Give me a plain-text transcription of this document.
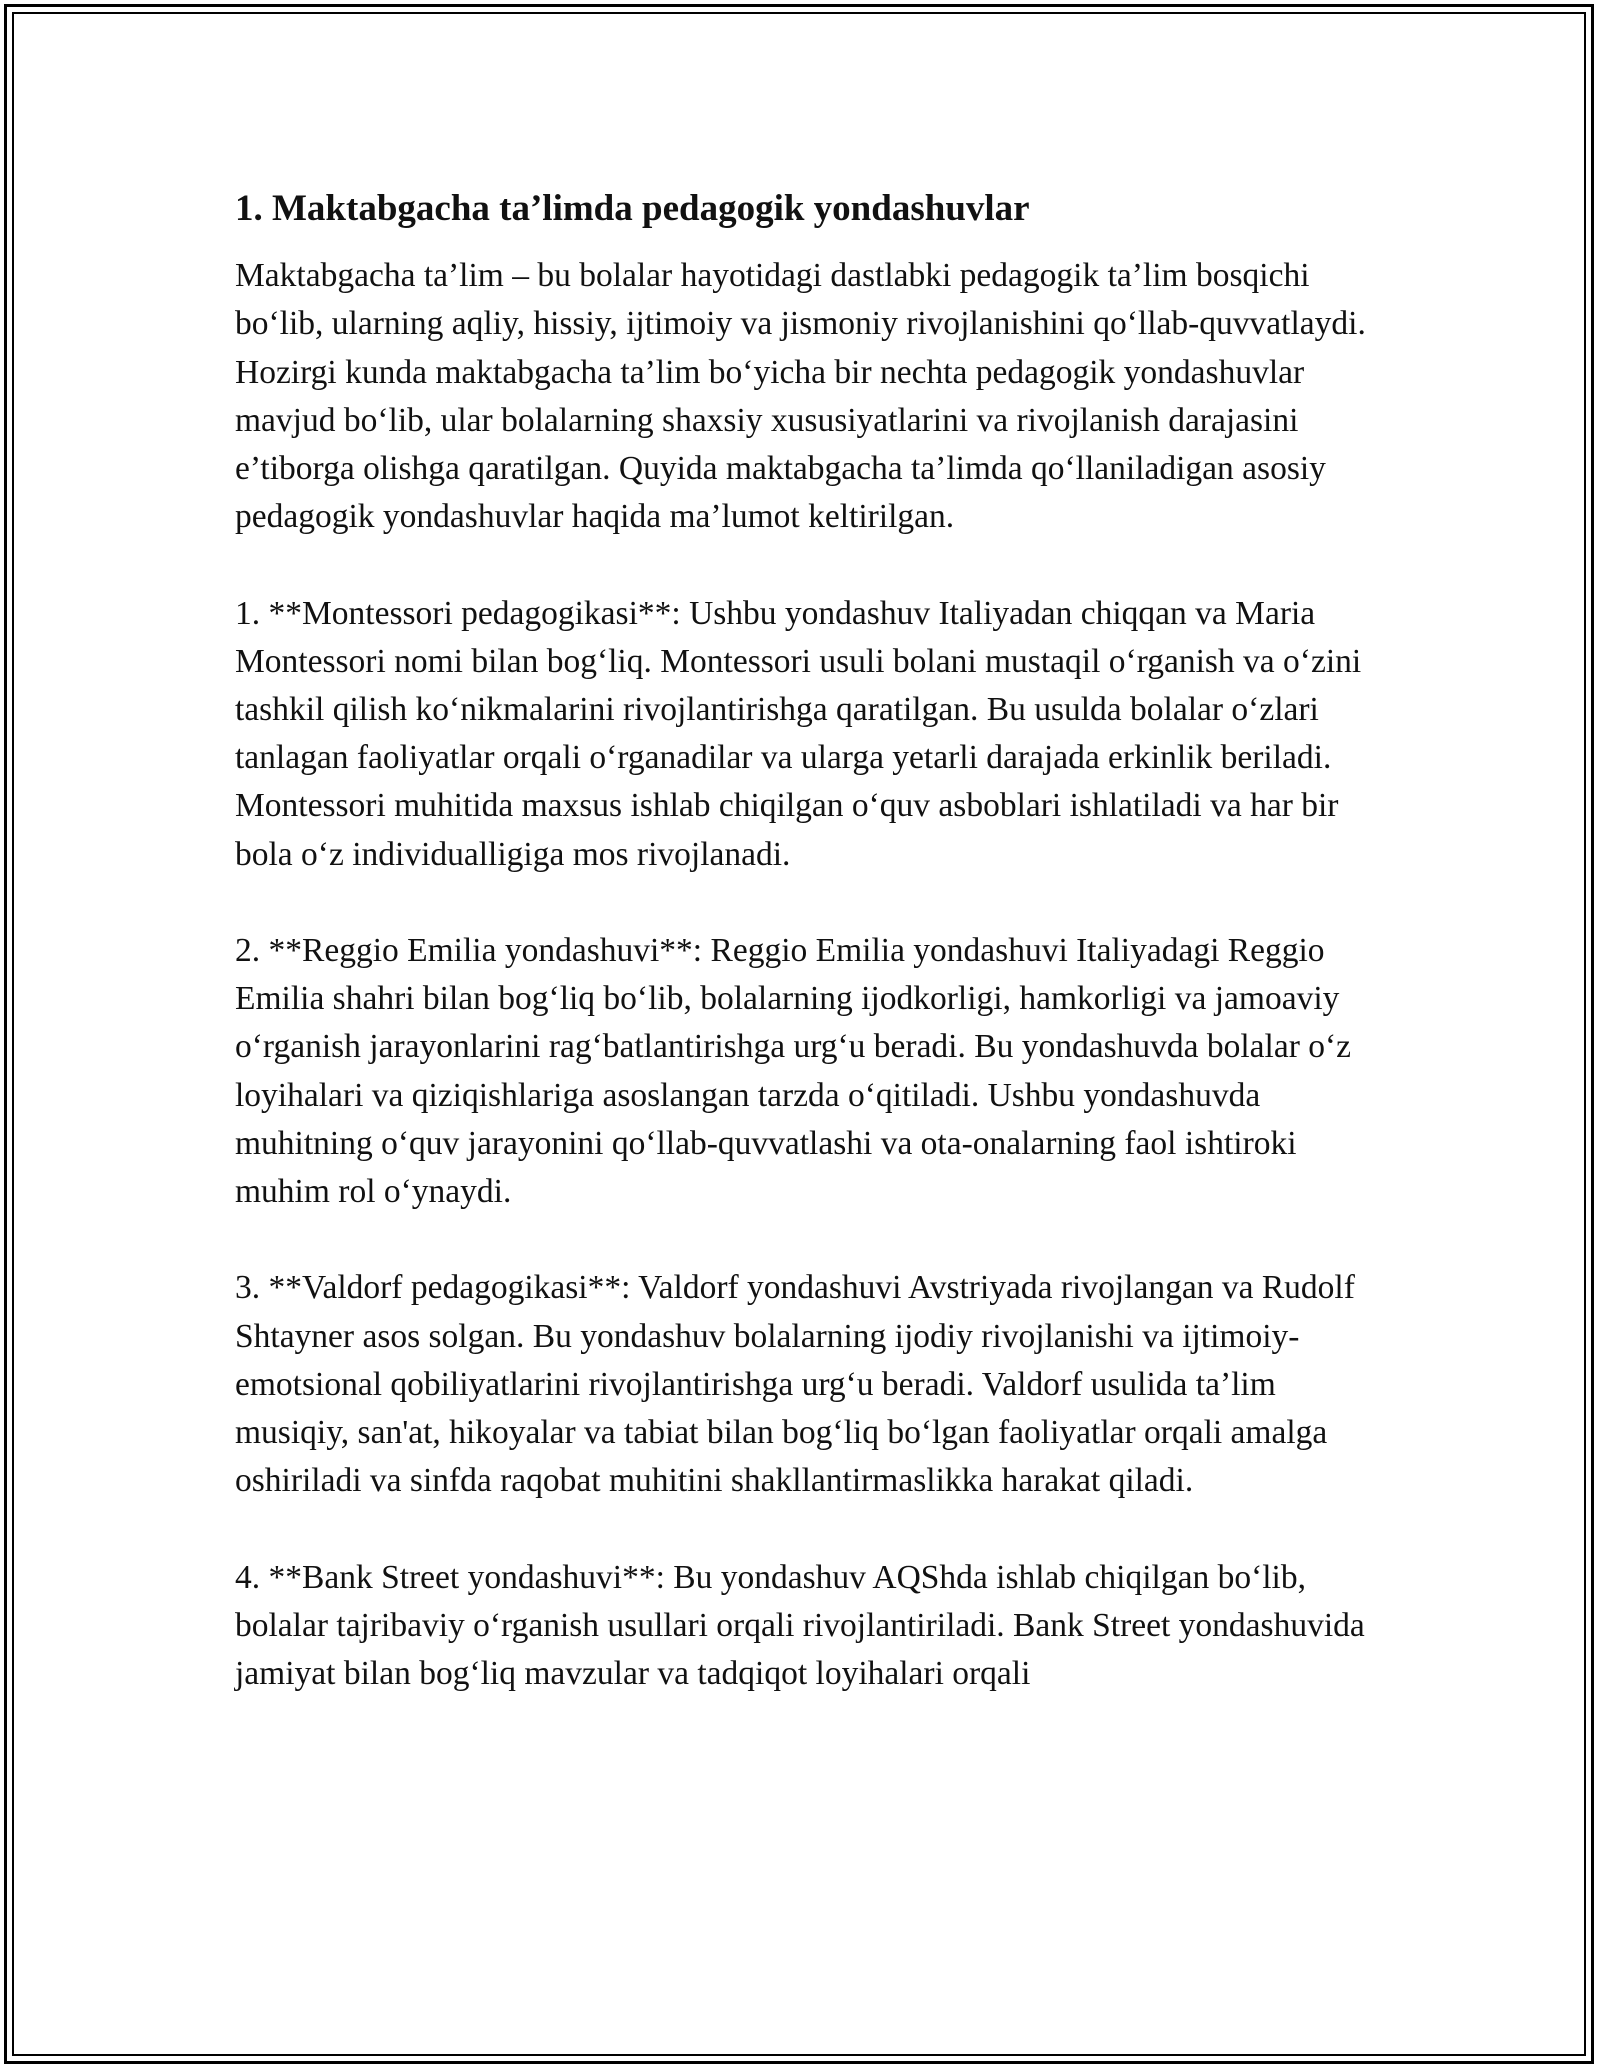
1. Maktabgacha ta’limda pedagogik yondashuvlar

Maktabgacha ta’lim – bu bolalar hayotidagi dastlabki pedagogik ta’lim bosqichi bo‘lib, ularning aqliy, hissiy, ijtimoiy va jismoniy rivojlanishini qo‘llab-quvvatlaydi. Hozirgi kunda maktabgacha ta’lim bo‘yicha bir nechta pedagogik yondashuvlar mavjud bo‘lib, ular bolalarning shaxsiy xususiyatlarini va rivojlanish darajasini e’tiborga olishga qaratilgan. Quyida maktabgacha ta’limda qo‘llaniladigan asosiy pedagogik yondashuvlar haqida ma’lumot keltirilgan.

1. **Montessori pedagogikasi**: Ushbu yondashuv Italiyadan chiqqan va Maria Montessori nomi bilan bog‘liq. Montessori usuli bolani mustaqil o‘rganish va o‘zini tashkil qilish ko‘nikmalarini rivojlantirishga qaratilgan. Bu usulda bolalar o‘zlari tanlagan faoliyatlar orqali o‘rganadilar va ularga yetarli darajada erkinlik beriladi. Montessori muhitida maxsus ishlab chiqilgan o‘quv asboblari ishlatiladi va har bir bola o‘z individualligiga mos rivojlanadi.

2. **Reggio Emilia yondashuvi**: Reggio Emilia yondashuvi Italiyadagi Reggio Emilia shahri bilan bog‘liq bo‘lib, bolalarning ijodkorligi, hamkorligi va jamoaviy o‘rganish jarayonlarini rag‘batlantirishga urg‘u beradi. Bu yondashuvda bolalar o‘z loyihalari va qiziqishlariga asoslangan tarzda o‘qitiladi. Ushbu yondashuvda muhitning o‘quv jarayonini qo‘llab-quvvatlashi va ota-onalarning faol ishtiroki muhim rol o‘ynaydi.

3. **Valdorf pedagogikasi**: Valdorf yondashuvi Avstriyada rivojlangan va Rudolf Shtayner asos solgan. Bu yondashuv bolalarning ijodiy rivojlanishi va ijtimoiy-emotsional qobiliyatlarini rivojlantirishga urg‘u beradi. Valdorf usulida ta’lim musiqiy, san'at, hikoyalar va tabiat bilan bog‘liq bo‘lgan faoliyatlar orqali amalga oshiriladi va sinfda raqobat muhitini shakllantirmaslikka harakat qiladi.

4. **Bank Street yondashuvi**: Bu yondashuv AQShda ishlab chiqilgan bo‘lib, bolalar tajribaviy o‘rganish usullari orqali rivojlantiriladi. Bank Street yondashuvida jamiyat bilan bog‘liq mavzular va tadqiqot loyihalari orqali
